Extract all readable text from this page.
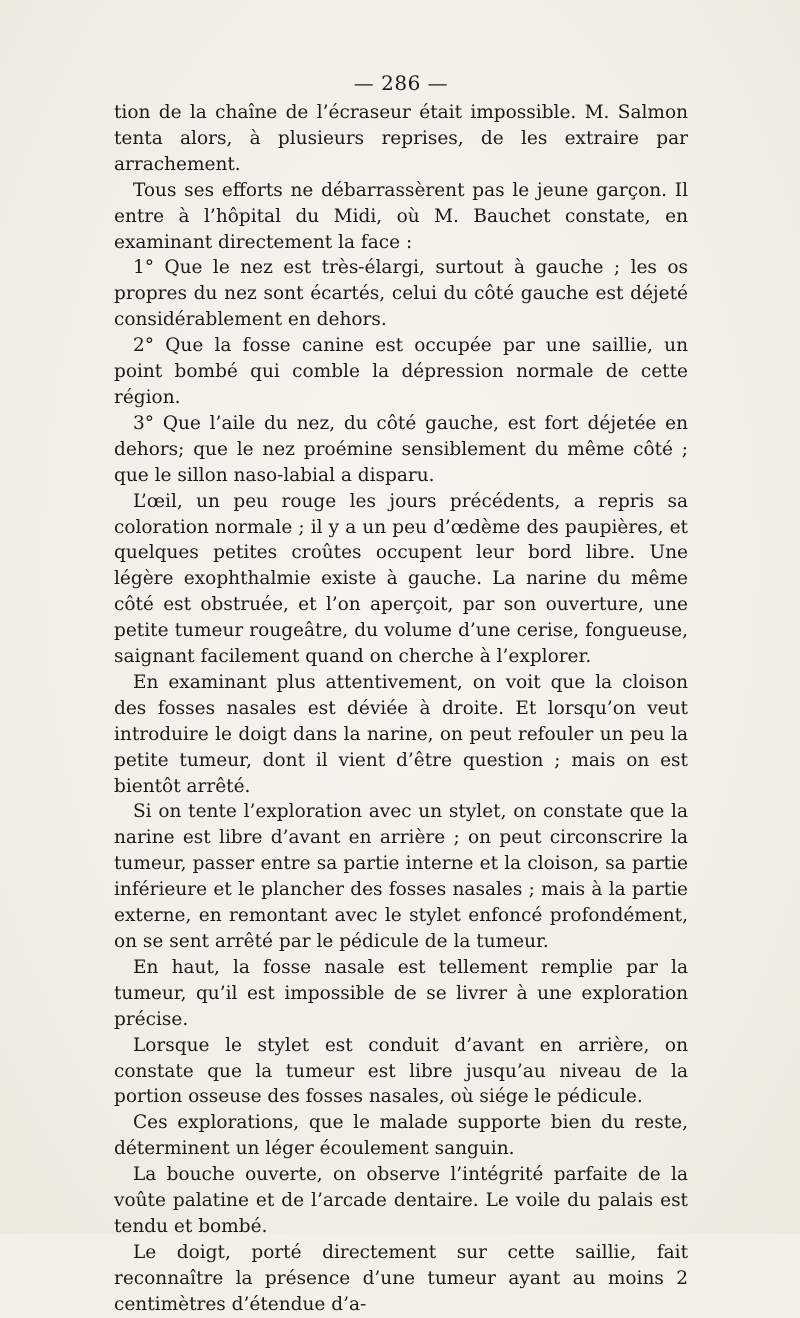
— 286 —

tion de la chaîne de l’écraseur était impossible. M. Salmon tenta alors, à plusieurs reprises, de les extraire par arrachement.

Tous ses efforts ne débarrassèrent pas le jeune garçon. Il entre à l’hôpital du Midi, où M. Bauchet constate, en examinant directement la face :

1° Que le nez est très-élargi, surtout à gauche ; les os propres du nez sont écartés, celui du côté gauche est déjeté considérablement en dehors.

2° Que la fosse canine est occupée par une saillie, un point bombé qui comble la dépression normale de cette région.

3° Que l’aile du nez, du côté gauche, est fort déjetée en dehors; que le nez proémine sensiblement du même côté ; que le sillon naso-labial a disparu.

L’œil, un peu rouge les jours précédents, a repris sa coloration normale ; il y a un peu d’œdème des paupières, et quelques petites croûtes occupent leur bord libre. Une légère exophthalmie existe à gauche. La narine du même côté est obstruée, et l’on aperçoit, par son ouverture, une petite tumeur rougeâtre, du volume d’une cerise, fongueuse, saignant facilement quand on cherche à l’explorer.

En examinant plus attentivement, on voit que la cloison des fosses nasales est déviée à droite. Et lorsqu’on veut introduire le doigt dans la narine, on peut refouler un peu la petite tumeur, dont il vient d’être question ; mais on est bientôt arrêté.

Si on tente l’exploration avec un stylet, on constate que la narine est libre d’avant en arrière ; on peut circonscrire la tumeur, passer entre sa partie interne et la cloison, sa partie inférieure et le plancher des fosses nasales ; mais à la partie externe, en remontant avec le stylet enfoncé profondément, on se sent arrêté par le pédicule de la tumeur.

En haut, la fosse nasale est tellement remplie par la tumeur, qu’il est impossible de se livrer à une exploration précise.

Lorsque le stylet est conduit d’avant en arrière, on constate que la tumeur est libre jusqu’au niveau de la portion osseuse des fosses nasales, où siége le pédicule.

Ces explorations, que le malade supporte bien du reste, déterminent un léger écoulement sanguin.

La bouche ouverte, on observe l’intégrité parfaite de la voûte palatine et de l’arcade dentaire. Le voile du palais est tendu et bombé.

Le doigt, porté directement sur cette saillie, fait reconnaître la présence d’une tumeur ayant au moins 2 centimètres d’étendue d’a-
